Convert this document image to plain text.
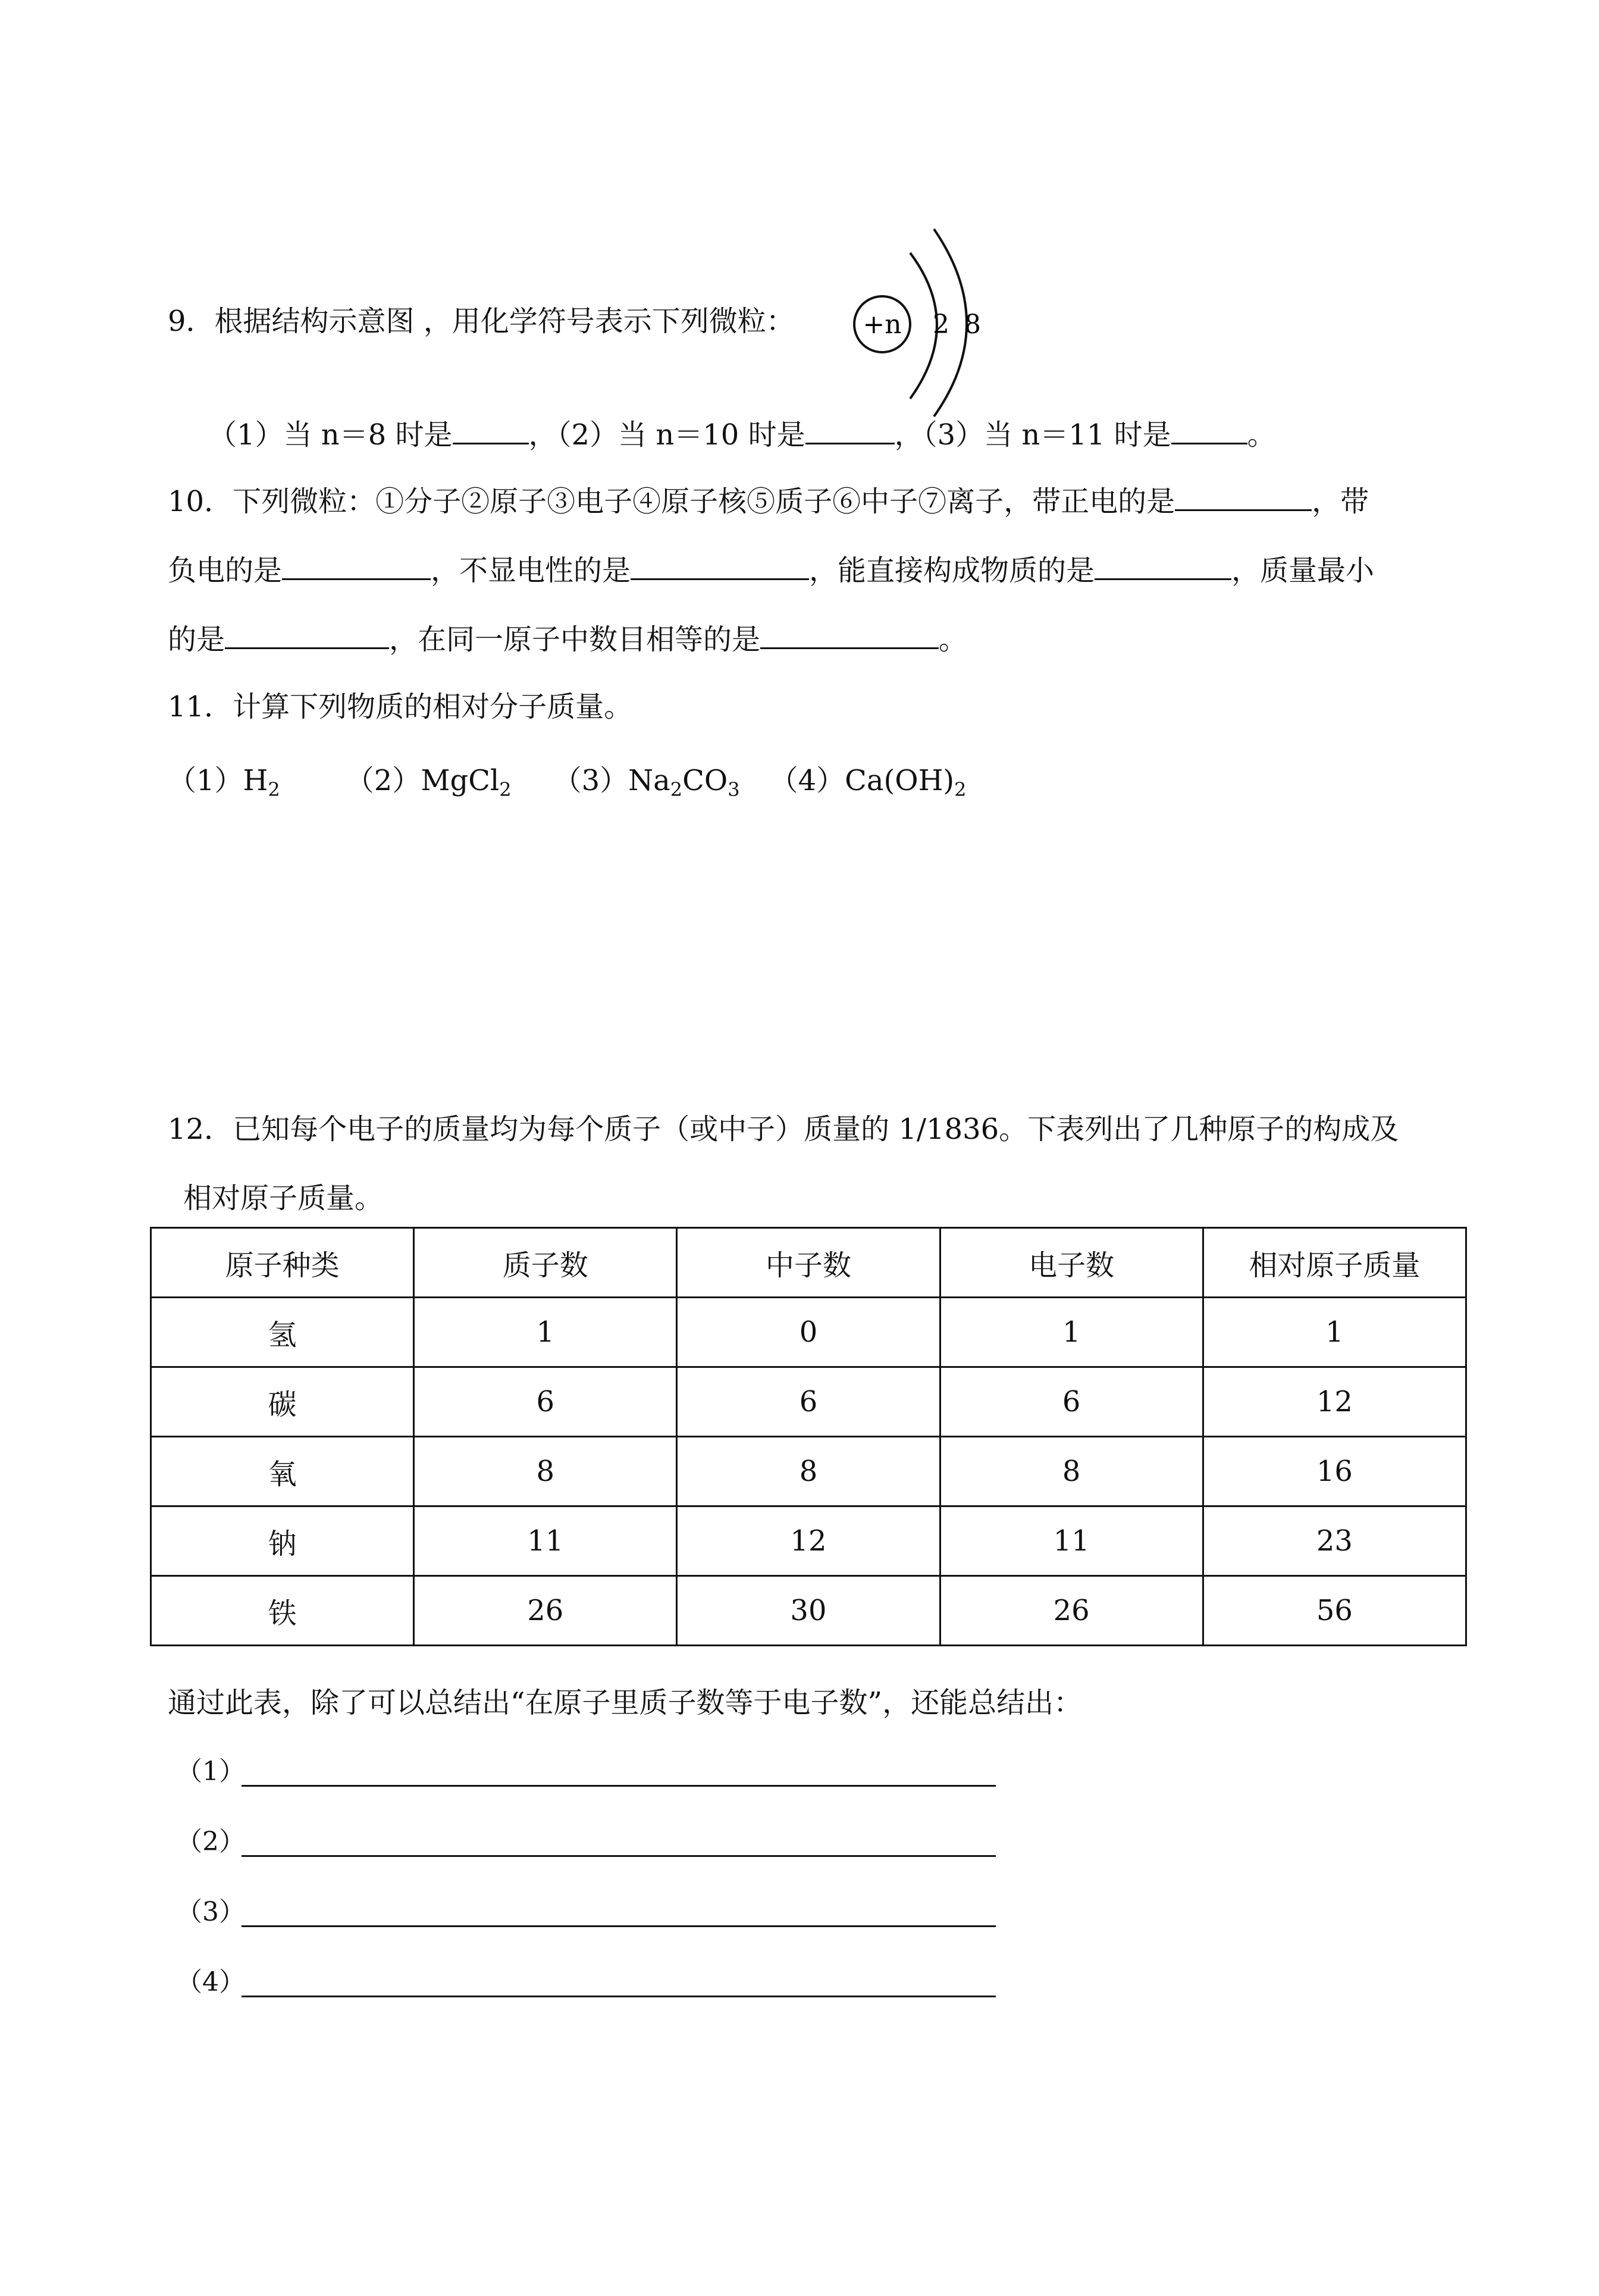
9．根据结构示意图 ，用化学符号表示下列微粒：	+n 2 8
（1）当 n＝8 时是	，（2）当 n＝10 时是	，（3）当 n＝11 时是	。
10．下列微粒：①分子②原子③电子④原子核⑤质子⑥中子⑦离子，带正电的是	，带
负电的是	，不显电性的是	，能直接构成物质的是	，质量最小
的是	，在同一原子中数目相等的是	。
11．计算下列物质的相对分子质量。
$(1)H_2$ （2）MgCl$_2$ $(3)Na_2CO_3$ $(4)Ca(OH)_2$
12．已知每个电子的质量均为每个质子（或中子）质量的 1/1836。下表列出了几种原子的构成及
相对原子质量。
原子种类	质子数	中子数	电子数	相对原子质量
氢	1	0	1	1
碳	6	6	6	12
氧	8	8	8	16
钠	11	12	11	23
铁	26	30	26	56
通过此表，除了可以总结出“在原子里质子数等于电子数”，还能总结出：
（1）
（2）
（3）
（4）
